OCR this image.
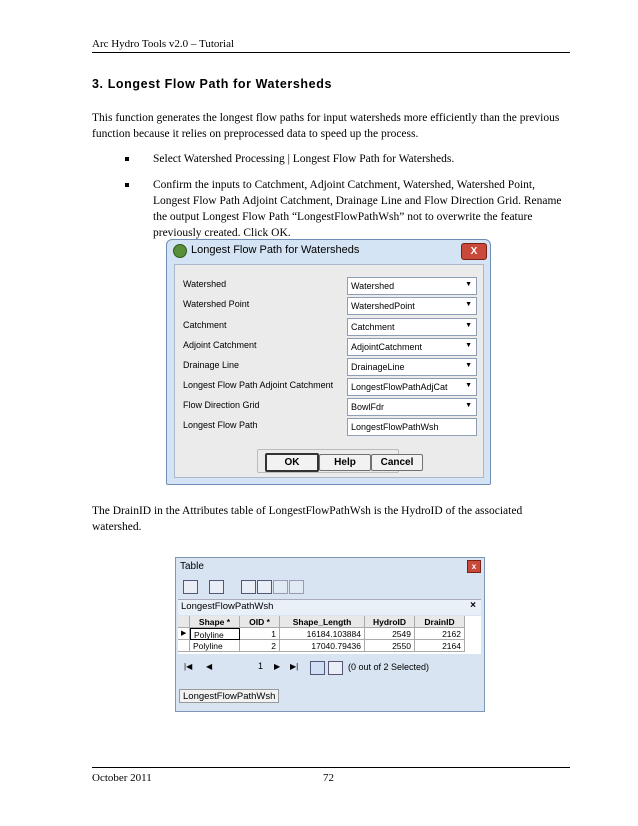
Arc Hydro Tools v2.0 – Tutorial
3. Longest Flow Path for Watersheds
This function generates the longest flow paths for input watersheds more efficiently than the previous
function because it relies on preprocessed data to speed up the process.
Select Watershed Processing | Longest Flow Path for Watersheds.
Confirm the inputs to Catchment, Adjoint Catchment, Watershed, Watershed Point,
Longest Flow Path Adjoint Catchment, Drainage Line and Flow Direction Grid. Rename
the output Longest Flow Path “LongestFlowPathWsh” not to overwrite the feature
previously created. Click OK.
Longest Flow Path for Watersheds	X
Watershed	Watershed	▼
Watershed Point	WatershedPoint	▼
Catchment	Catchment	▼
Adjoint Catchment	AdjointCatchment	▼
Drainage Line	DrainageLine	▼
Longest Flow Path Adjoint Catchment LongestFlowPathAdjCat	▼
Flow Direction Grid	BowlFdr	▼
Longest Flow Path	LongestFlowPathWsh
OK	Help	Cancel
The DrainID in the Attributes table of LongestFlowPathWsh is the HydroID of the associated
watershed.
Table	x
LongestFlowPathWsh	×
Shape *	OID *	Shape_Length	HydroID	DrainID
▶ Polyline	1	16184.103884	2549	2162
Polyline	2	17040.79436	2550	2164
|◀ ◀	1 ▶ ▶|	(0 out of 2 Selected)
LongestFlowPathWsh
October 2011	72
